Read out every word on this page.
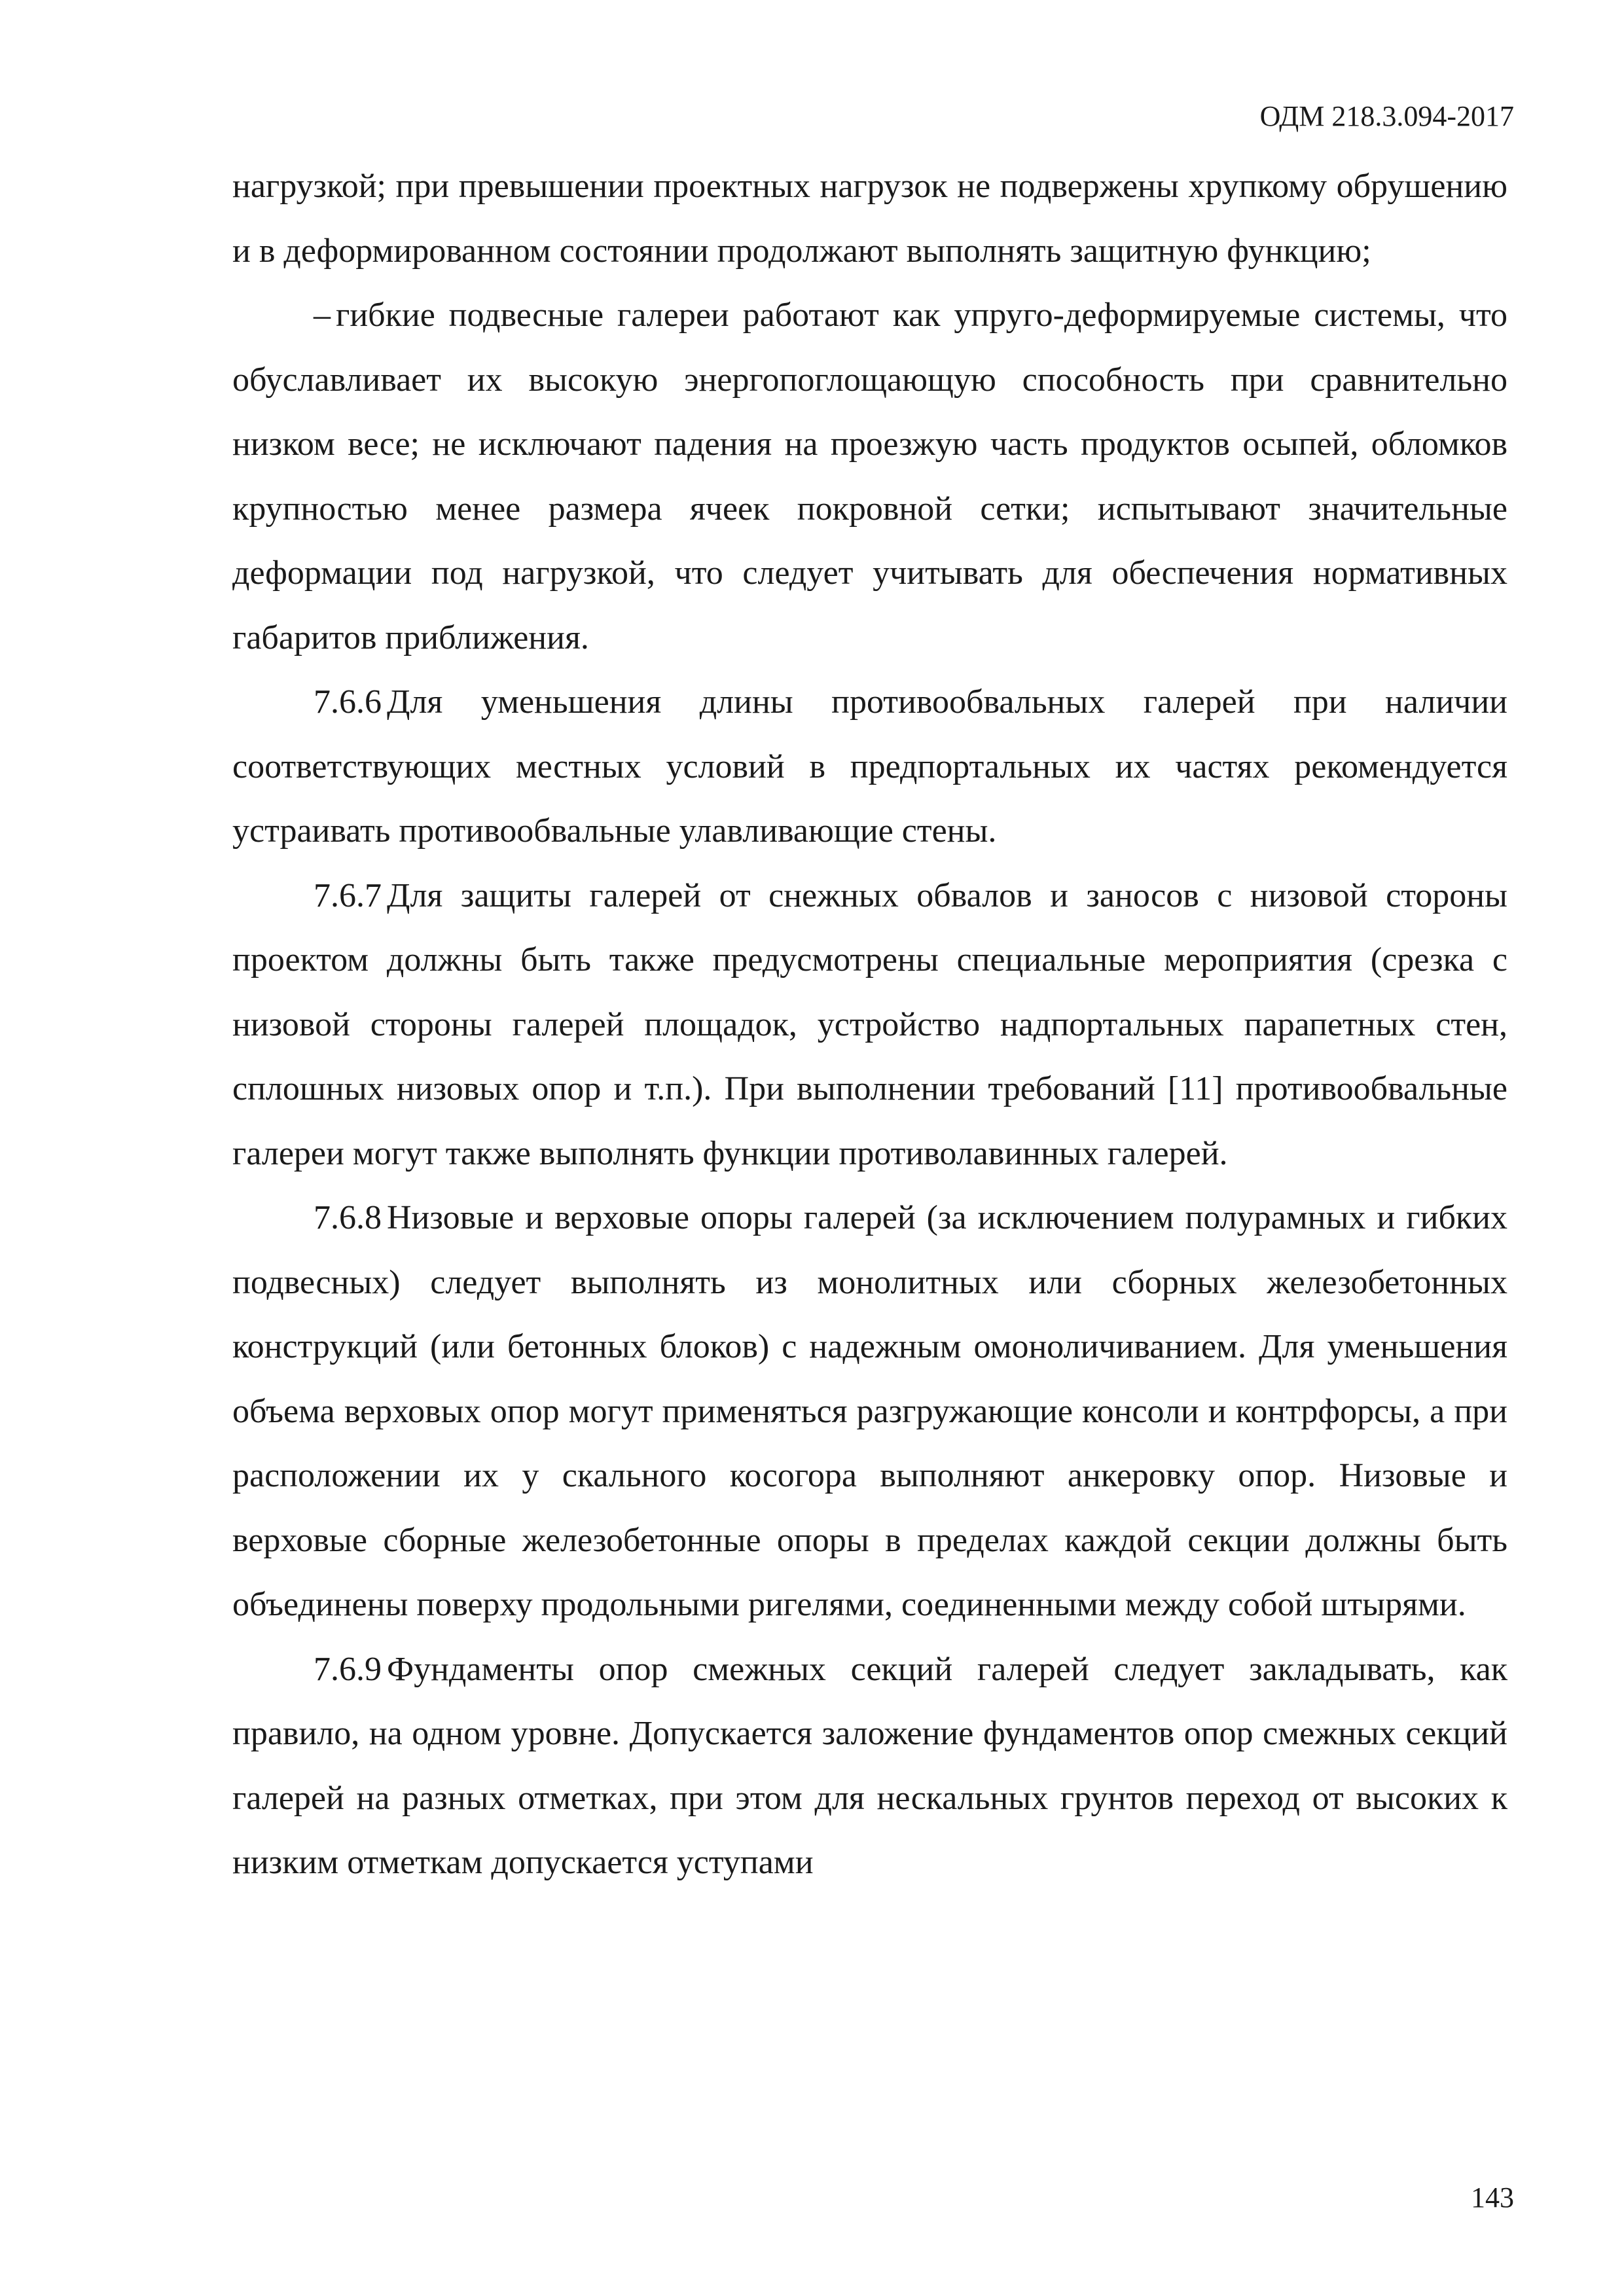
ОДМ 218.3.094-2017

нагрузкой; при превышении проектных нагрузок не подвержены хрупкому обрушению и в деформированном состоянии продолжают выполнять защитную функцию;

– гибкие подвесные галереи работают как упруго-деформируемые системы, что обуславливает их высокую энергопоглощающую способность при сравнительно низком весе; не исключают падения на проезжую часть продуктов осыпей, обломков крупностью менее размера ячеек покровной сетки; испытывают значительные деформации под нагрузкой, что следует учитывать для обеспечения нормативных габаритов приближения.

7.6.6 Для уменьшения длины противообвальных галерей при наличии соответствующих местных условий в предпортальных их частях рекомендуется устраивать противообвальные улавливающие стены.

7.6.7 Для защиты галерей от снежных обвалов и заносов с низовой стороны проектом должны быть также предусмотрены специальные мероприятия (срезка с низовой стороны галерей площадок, устройство надпортальных парапетных стен, сплошных низовых опор и т.п.). При выполнении требований [11] противообвальные галереи могут также выполнять функции противолавинных галерей.

7.6.8 Низовые и верховые опоры галерей (за исключением полурамных и гибких подвесных) следует выполнять из монолитных или сборных железобетонных конструкций (или бетонных блоков) с надежным омоноличиванием. Для уменьшения объема верховых опор могут применяться разгружающие консоли и контрфорсы, а при расположении их у скального косогора выполняют анкеровку опор. Низовые и верховые сборные железобетонные опоры в пределах каждой секции должны быть объединены поверху продольными ригелями, соединенными между собой штырями.

7.6.9 Фундаменты опор смежных секций галерей следует закладывать, как правило, на одном уровне. Допускается заложение фундаментов опор смежных секций галерей на разных отметках, при этом для нескальных грунтов переход от высоких к низким отметкам допускается уступами

143
